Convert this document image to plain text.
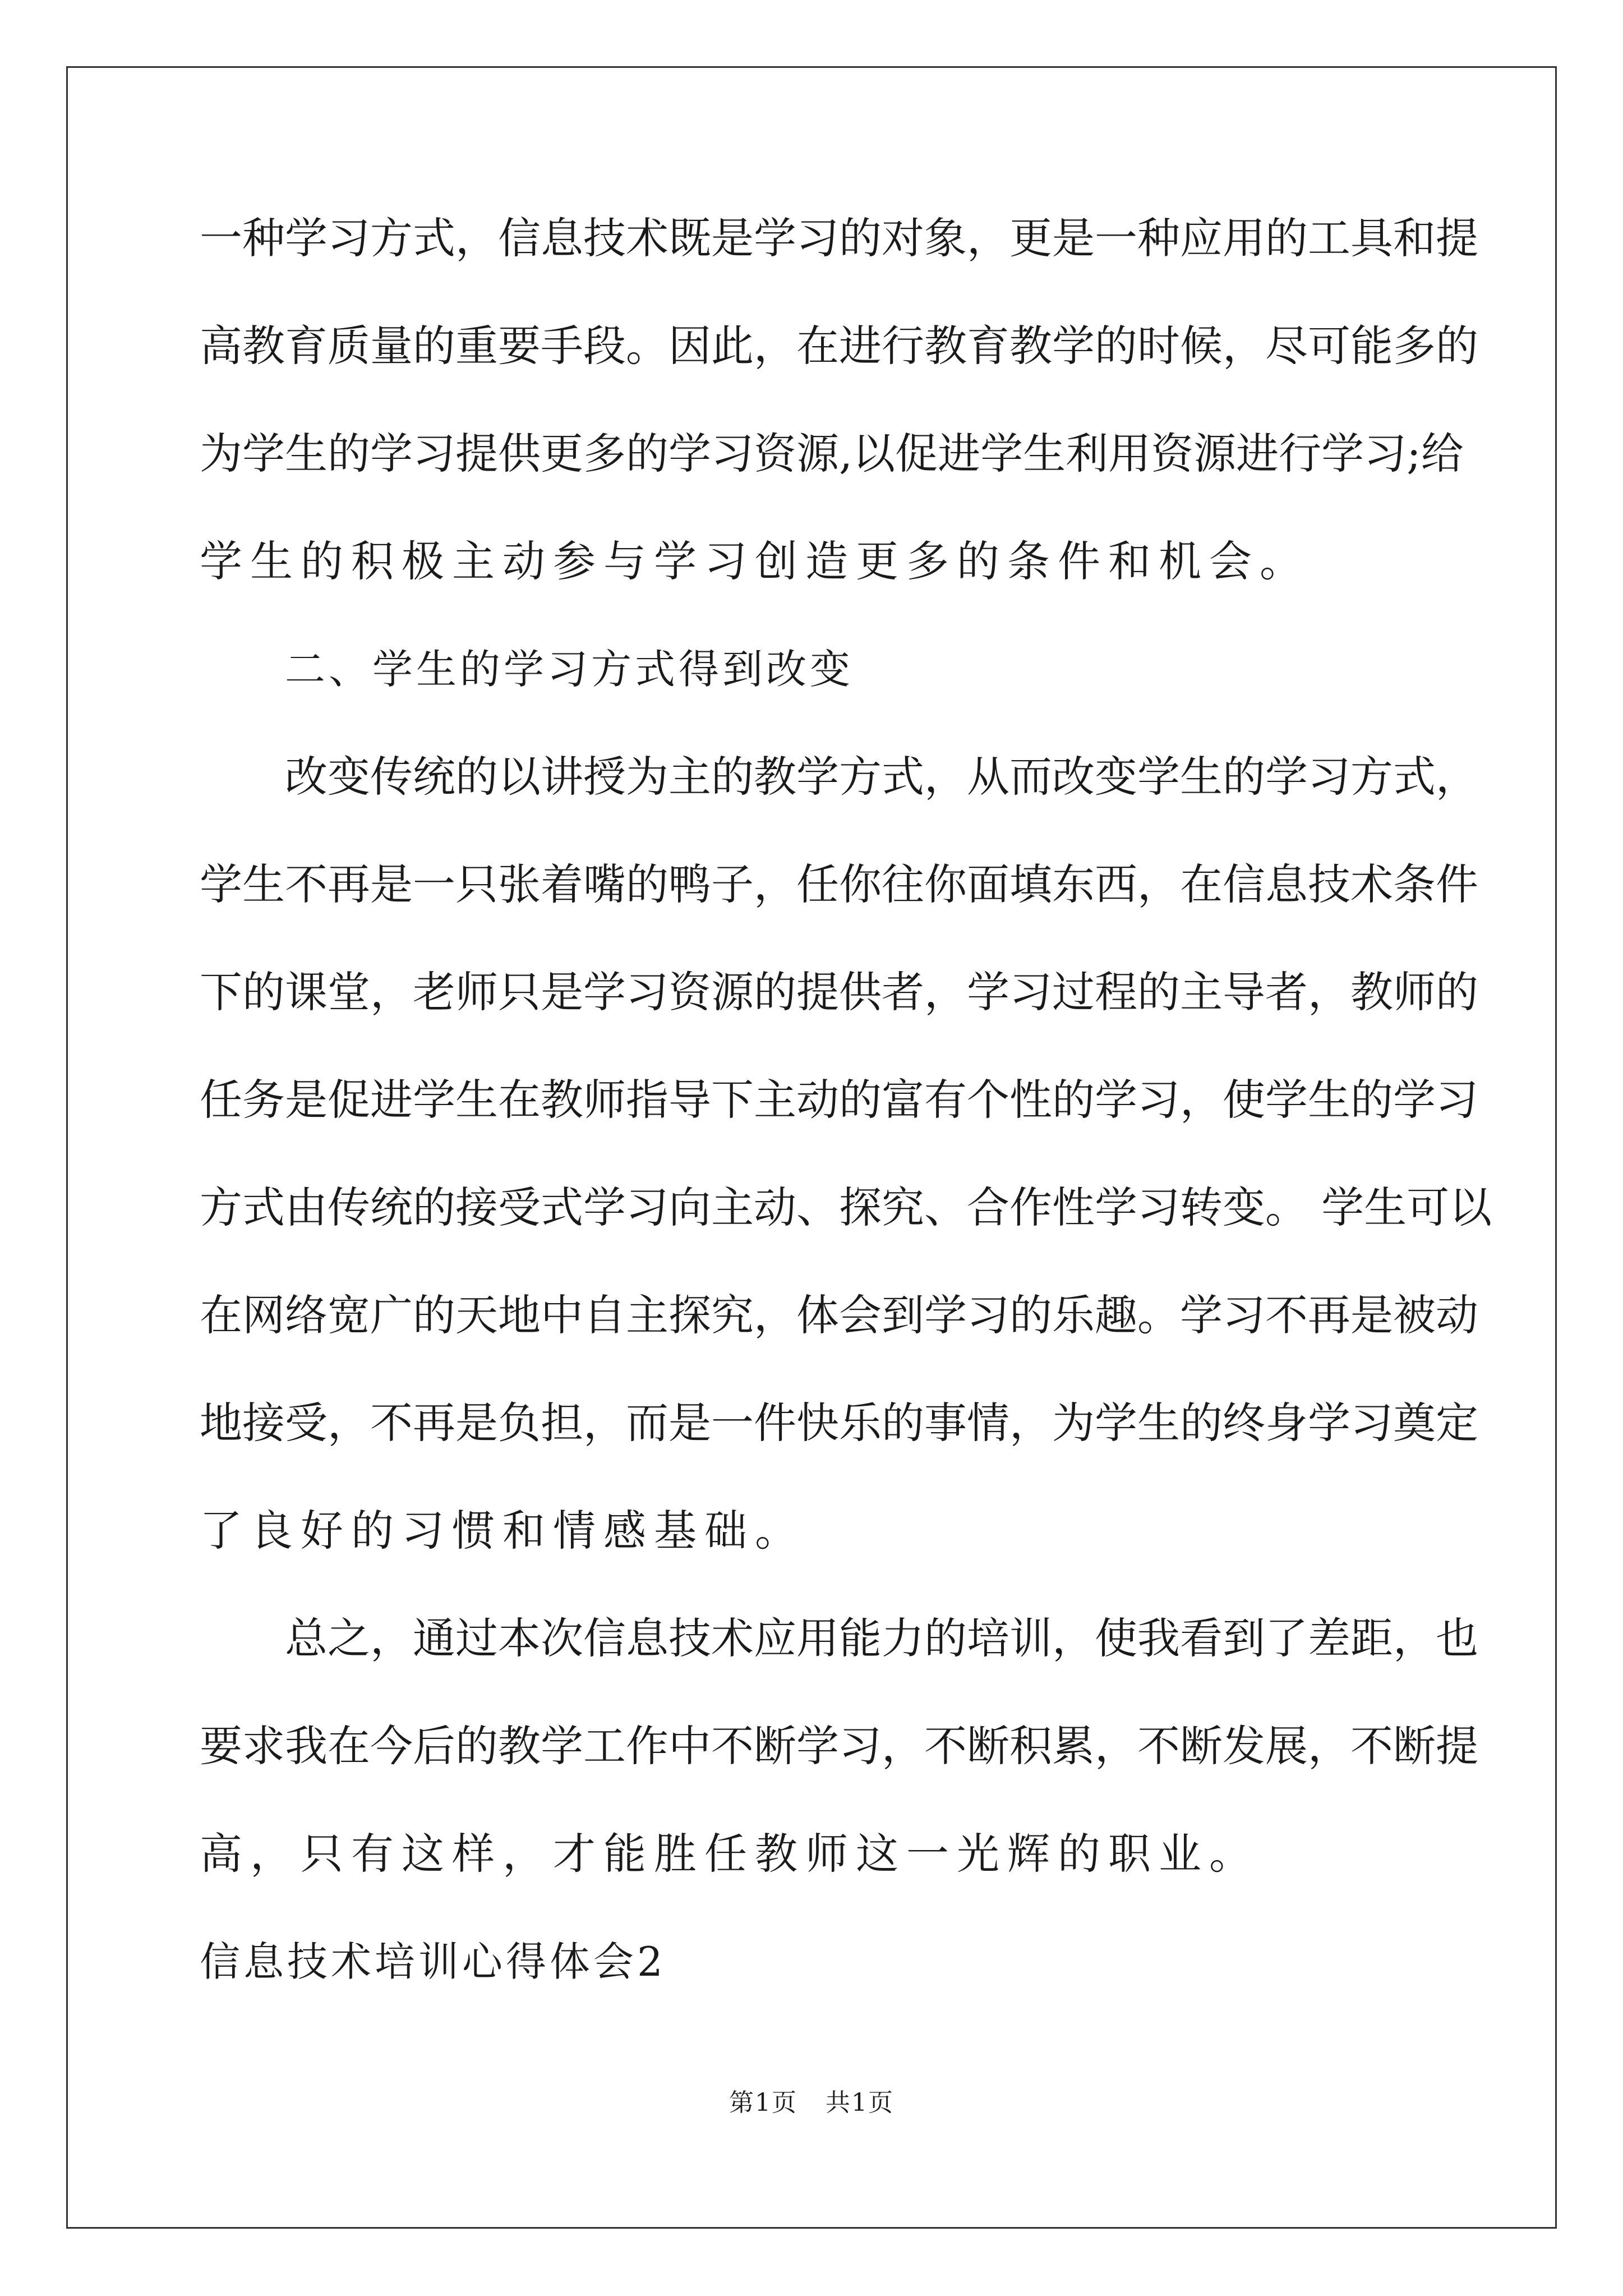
一种学习方式，信息技术既是学习的对象，更是一种应用的工具和提
高教育质量的重要手段。因此，在进行教育教学的时候，尽可能多的
为学生的学习提供更多的学习资源,以促进学生利用资源进行学习;给
学生的积极主动参与学习创造更多的条件和机会。
二、学生的学习方式得到改变
改变传统的以讲授为主的教学方式，从而改变学生的学习方式，
学生不再是一只张着嘴的鸭子，任你往你面填东西，在信息技术条件
下的课堂，老师只是学习资源的提供者，学习过程的主导者，教师的
任务是促进学生在教师指导下主动的富有个性的学习，使学生的学习
方式由传统的接受式学习向主动、探究、合作性学习转变。 学生可以
在网络宽广的天地中自主探究，体会到学习的乐趣。学习不再是被动
地接受，不再是负担，而是一件快乐的事情，为学生的终身学习奠定
了良好的习惯和情感基础。
总之，通过本次信息技术应用能力的培训，使我看到了差距，也
要求我在今后的教学工作中不断学习，不断积累，不断发展，不断提
高，只有这样，才能胜任教师这一光辉的职业。
信息技术培训心得体会2
第1页 共1页
